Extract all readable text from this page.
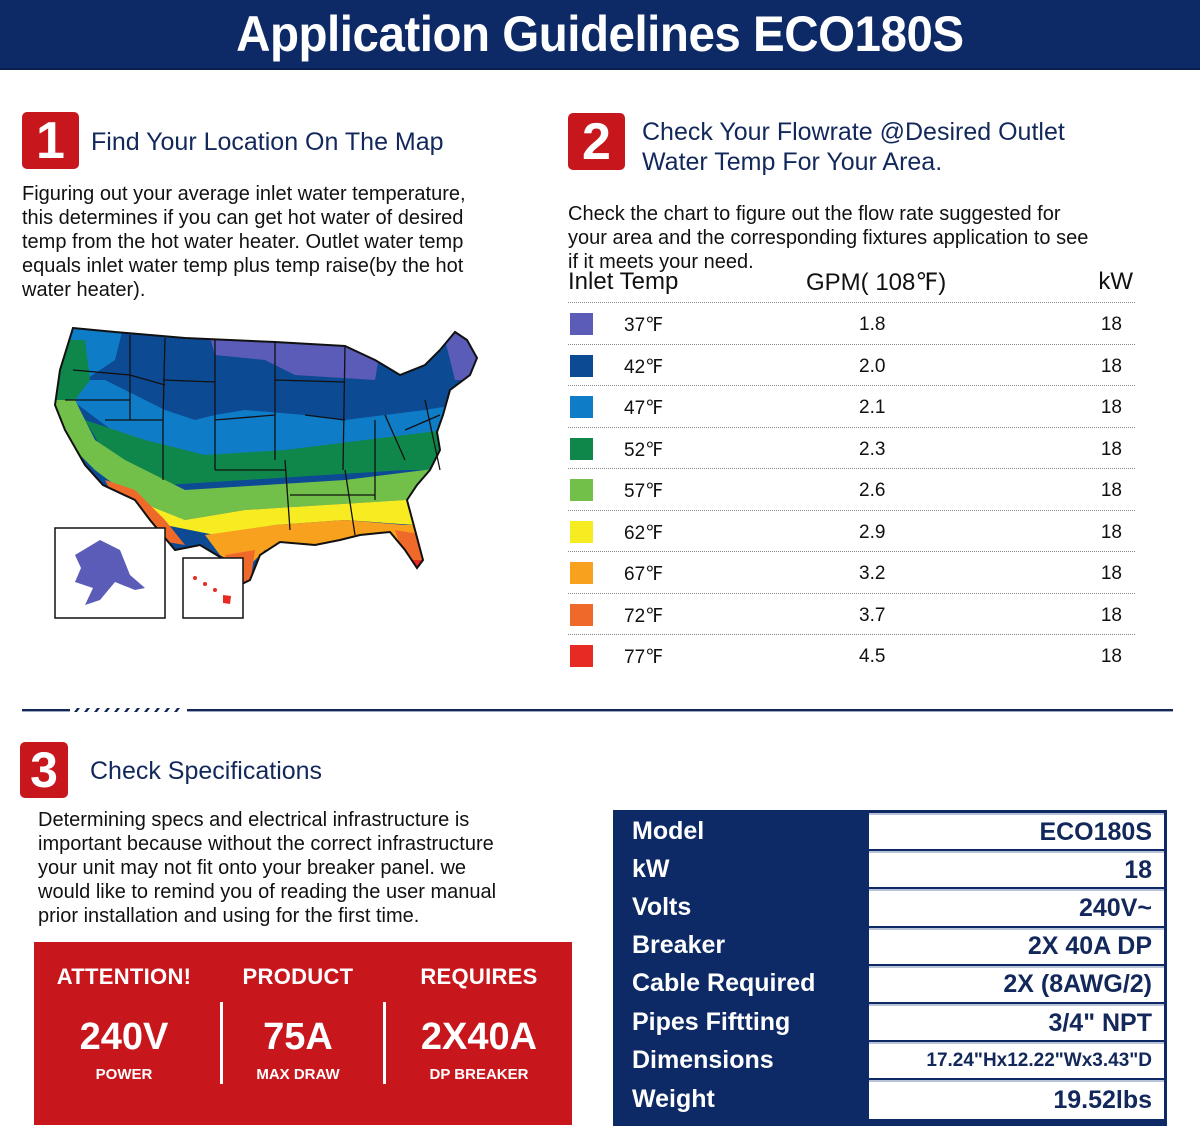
Application Guidelines ECO180S
1 Find Your Location On The Map
Figuring out your average inlet water temperature,
this determines if you can get hot water of desired
temp from the hot water heater. Outlet water temp
equals inlet water temp plus temp raise(by the hot
water heater).
2 Check Your Flowrate @Desired Outlet
Water Temp For Your Area.
Check the chart to figure out the flow rate suggested for
your area and the corresponding fixtures application to see
if it meets your need.
Inlet Temp	GPM( 108℉)	kW
37℉	1.8	18
42℉	2.0	18
47℉	2.1	18
52℉	2.3	18
57℉	2.6	18
62℉	2.9	18
67℉	3.2	18
72℉	3.7	18
77℉	4.5	18
3 Check Specifications
Determining specs and electrical infrastructure is
important because without the correct infrastructure
your unit may not fit onto your breaker panel. we
would like to remind you of reading the user manual
prior installation and using for the first time.
ATTENTION!
240V
POWER
PRODUCT
75A
MAX DRAW
REQUIRES
2X40A
DP BREAKER
Model	ECO180S
kW	18
Volts	240V~
Breaker	2X 40A DP
Cable Required	2X (8AWG/2)
Pipes Fiftting	3/4" NPT
Dimensions	17.24"Hx12.22"Wx3.43"D
Weight	19.52lbs
